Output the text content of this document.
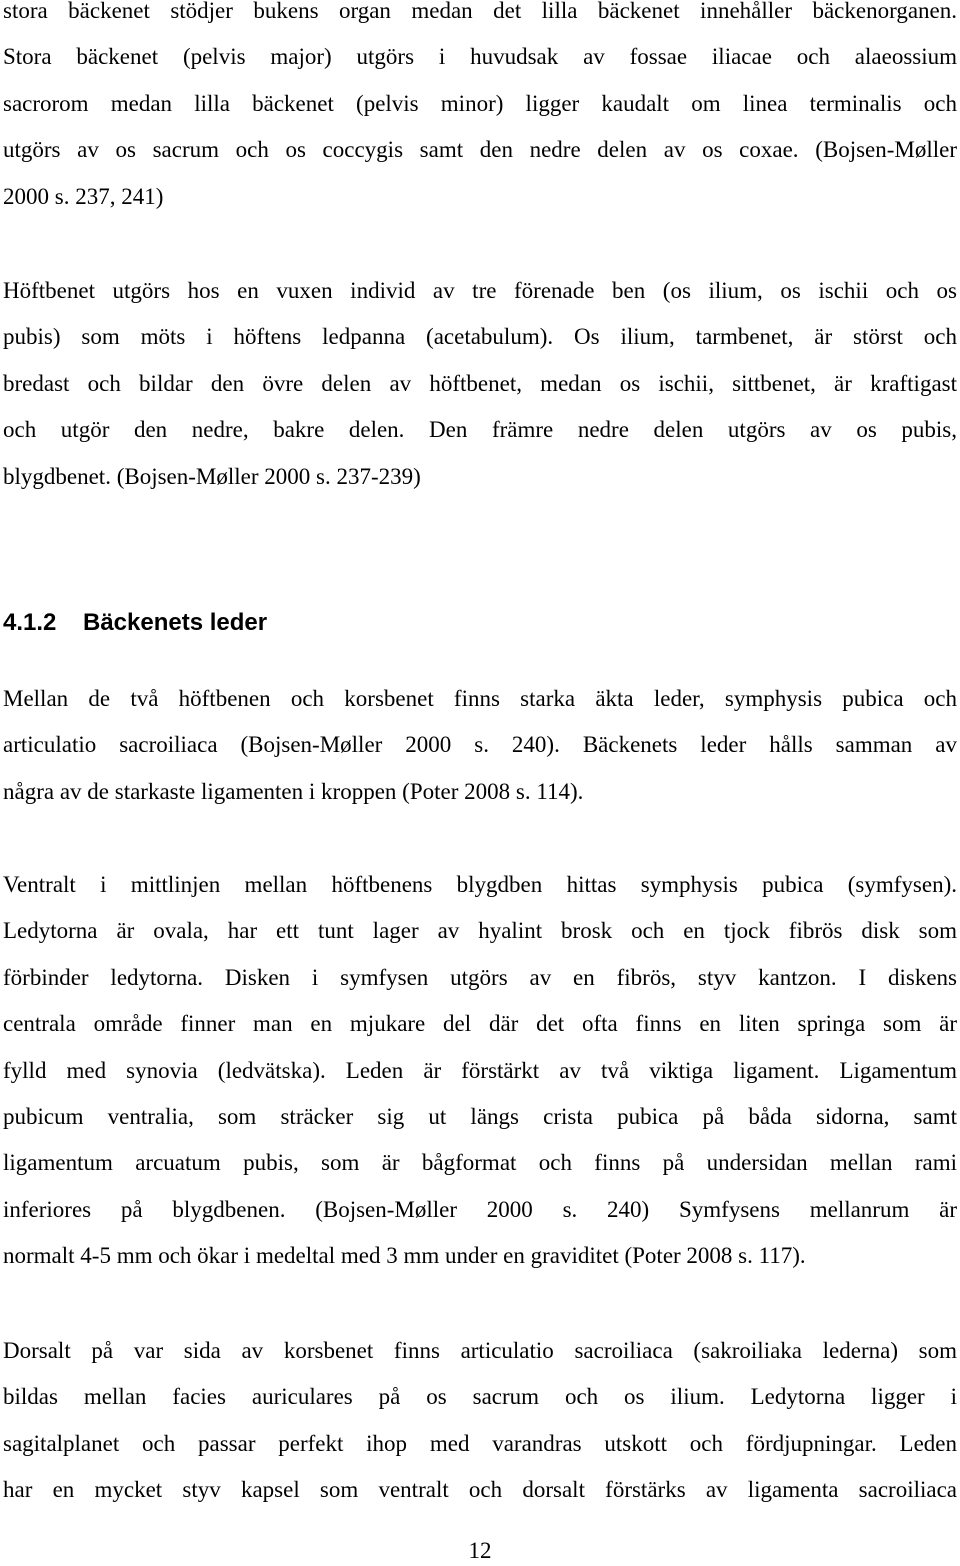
stora bäckenet stödjer bukens organ medan det lilla bäckenet innehåller bäckenorganen.
Stora bäckenet (pelvis major) utgörs i huvudsak av fossae iliacae och alaeossium
sacrorom medan lilla bäckenet (pelvis minor) ligger kaudalt om linea terminalis och
utgörs av os sacrum och os coccygis samt den nedre delen av os coxae. (Bojsen-Møller
2000 s. 237, 241)
Höftbenet utgörs hos en vuxen individ av tre förenade ben (os ilium, os ischii och os
pubis) som möts i höftens ledpanna (acetabulum). Os ilium, tarmbenet, är störst och
bredast och bildar den övre delen av höftbenet, medan os ischii, sittbenet, är kraftigast
och utgör den nedre, bakre delen. Den främre nedre delen utgörs av os pubis,
blygdbenet. (Bojsen-Møller 2000 s. 237-239)
4.1.2 Bäckenets leder
Mellan de två höftbenen och korsbenet finns starka äkta leder, symphysis pubica och
articulatio sacroiliaca (Bojsen-Møller 2000 s. 240). Bäckenets leder hålls samman av
några av de starkaste ligamenten i kroppen (Poter 2008 s. 114).
Ventralt i mittlinjen mellan höftbenens blygdben hittas symphysis pubica (symfysen).
Ledytorna är ovala, har ett tunt lager av hyalint brosk och en tjock fibrös disk som
förbinder ledytorna. Disken i symfysen utgörs av en fibrös, styv kantzon. I diskens
centrala område finner man en mjukare del där det ofta finns en liten springa som är
fylld med synovia (ledvätska). Leden är förstärkt av två viktiga ligament. Ligamentum
pubicum ventralia, som sträcker sig ut längs crista pubica på båda sidorna, samt
ligamentum arcuatum pubis, som är bågformat och finns på undersidan mellan rami
inferiores på blygdbenen. (Bojsen-Møller 2000 s. 240) Symfysens mellanrum är
normalt 4-5 mm och ökar i medeltal med 3 mm under en graviditet (Poter 2008 s. 117).
Dorsalt på var sida av korsbenet finns articulatio sacroiliaca (sakroiliaka lederna) som
bildas mellan facies auriculares på os sacrum och os ilium. Ledytorna ligger i
sagitalplanet och passar perfekt ihop med varandras utskott och fördjupningar. Leden
har en mycket styv kapsel som ventralt och dorsalt förstärks av ligamenta sacroiliaca
12
